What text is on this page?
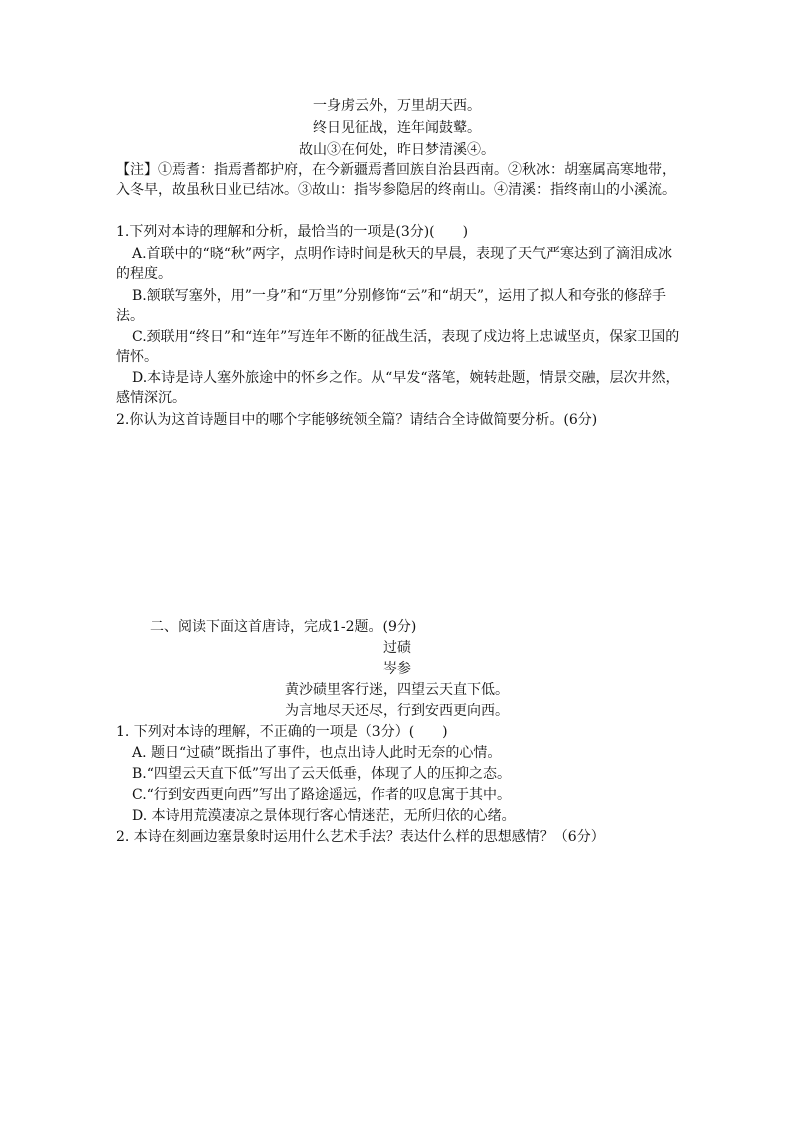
一身虏云外，万里胡天西。
终日见征战，连年闻鼓鼙。
故山③在何处，昨日梦清溪④。
【注】①焉耆：指焉耆都护府，在今新疆焉耆回族自治县西南。②秋冰：胡塞属高寒地带，入冬早，故虽秋日业已结冰。③故山：指岑参隐居的终南山。④清溪：指终南山的小溪流。
1.下列对本诗的理解和分析，最恰当的一项是(3分)(　　)
A.首联中的“晓“秋”两字，点明作诗时间是秋天的早晨，表现了天气严寒达到了滴泪成冰的程度。
B.颔联写塞外，用”一身”和“万里”分别修饰“云”和“胡天”，运用了拟人和夸张的修辞手法。
C.颈联用“终日”和“连年”写连年不断的征战生活，表现了戍边将上忠诚坚贞，保家卫国的情怀。
D.本诗是诗人塞外旅途中的怀乡之作。从“早发“落笔，婉转赴题，情景交融，层次井然，感情深沉。
2.你认为这首诗题目中的哪个字能够统领全篇？请结合全诗做简要分析。(6分)
二、阅读下面这首唐诗，完成1-2题。(9分)
过碛
岑参
黄沙碛里客行迷，四望云天直下低。
为言地尽天还尽，行到安西更向西。
1. 下列对本诗的理解，不正确的一项是（3分）(　　)
A. 题日“过碛”既指出了事件，也点出诗人此时无奈的心情。
B.“四望云天直下低”写出了云天低垂，体现了人的压抑之态。
C.“行到安西更向西”写出了路途遥远，作者的叹息寓于其中。
D. 本诗用荒漠凄凉之景体现行客心情迷茫，无所归依的心绪。
2. 本诗在刻画边塞景象时运用什么艺术手法？表达什么样的思想感情？（6分）
